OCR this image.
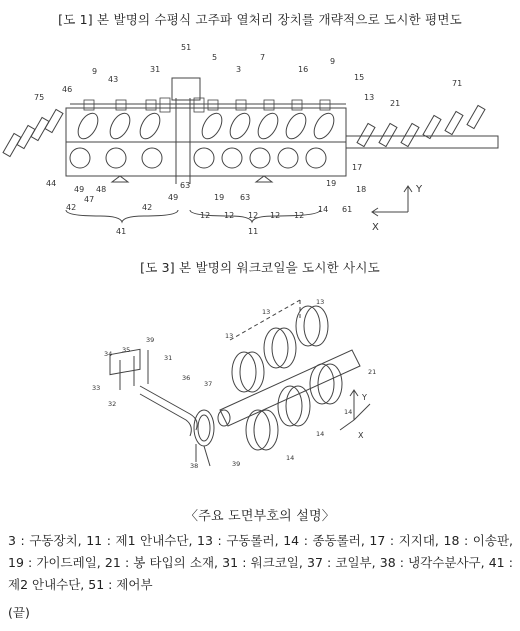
[도 1] 본 발명의 수평식 고주파 열처리 장치를 개략적으로 도시한 평면도
51
31
5
3
7
16
9
9
15
13
21
71
75
46
43
44
49
47
48
42	42
49
63
63
41
17
18
19
19
12 12 12 12 12
14 61
11
Y
X
[도 3] 본 발명의 워크코일을 도시한 사시도
13
13
13
21
14
14
14
34 35
39
31
33
32
36
37
38	39
Y
X
〈주요 도면부호의 설명〉
3 : 구동장치, 11 : 제1 안내수단, 13 : 구동롤러, 14 : 종동롤러, 17 : 지지대, 18 : 이송판, 19 : 가이드레일, 21 : 봉 타입의 소재, 31 : 워크코일, 37 : 코일부, 38 : 냉각수분사구, 41 : 제2 안내수단, 51 : 제어부
(끝)
